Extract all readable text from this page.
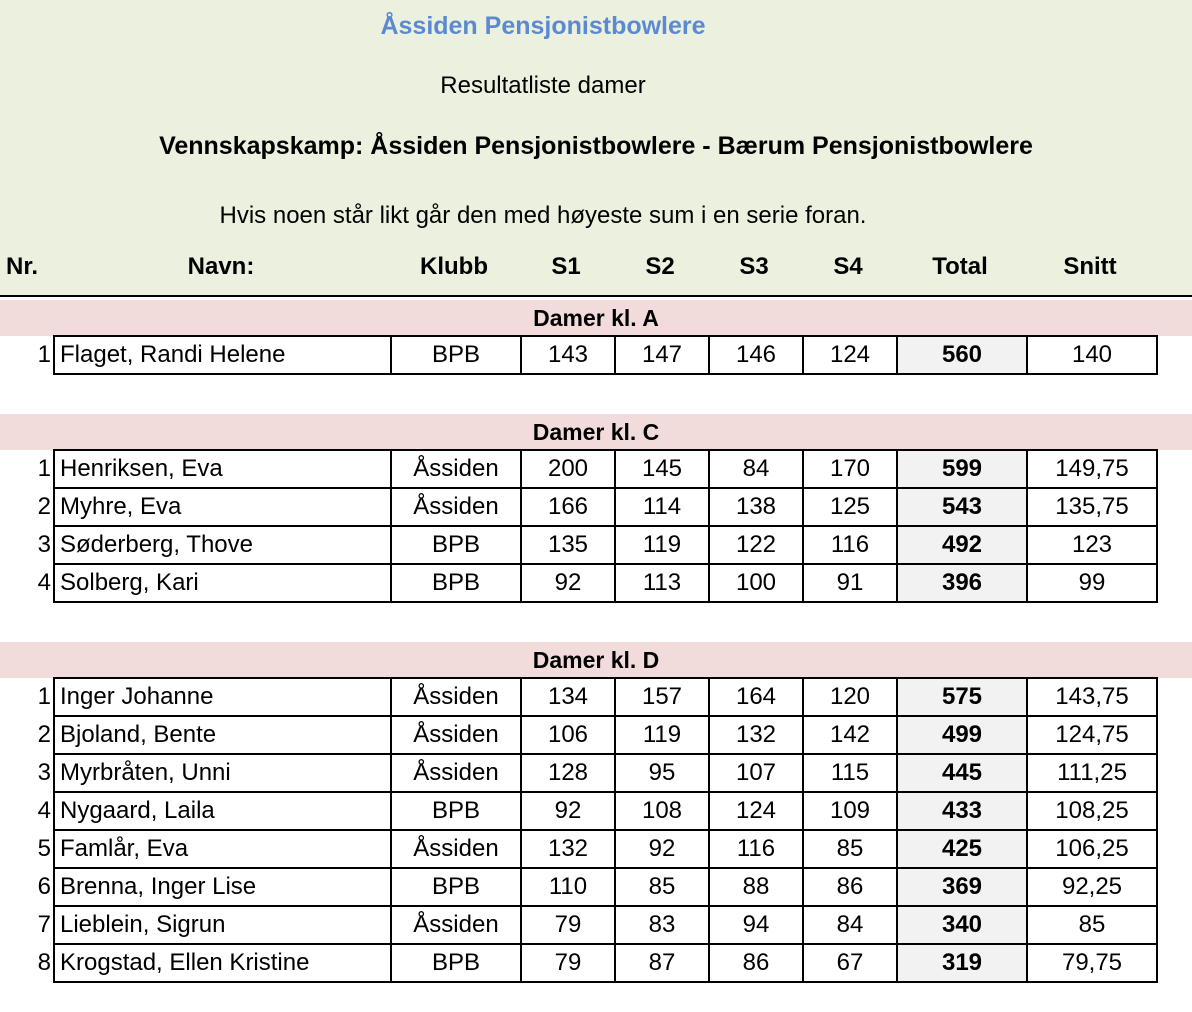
Åssiden Pensjonistbowlere
Resultatliste damer
Vennskapskamp: Åssiden Pensjonistbowlere - Bærum Pensjonistbowlere
Hvis noen står likt går den med høyeste sum i en serie foran.
Nr.	Navn:	Klubb	S1	S2	S3	S4	Total	Snitt
Damer kl. A
1	Flaget, Randi Helene	BPB	143	147	146	124	560	140
Damer kl. C
1	Henriksen, Eva	Åssiden	200	145	84	170	599	149,75
2	Myhre, Eva	Åssiden	166	114	138	125	543	135,75
3	Søderberg, Thove	BPB	135	119	122	116	492	123
4	Solberg, Kari	BPB	92	113	100	91	396	99
Damer kl. D
1	Inger Johanne	Åssiden	134	157	164	120	575	143,75
2	Bjoland, Bente	Åssiden	106	119	132	142	499	124,75
3	Myrbråten, Unni	Åssiden	128	95	107	115	445	111,25
4	Nygaard, Laila	BPB	92	108	124	109	433	108,25
5	Famlår, Eva	Åssiden	132	92	116	85	425	106,25
6	Brenna, Inger Lise	BPB	110	85	88	86	369	92,25
7	Lieblein, Sigrun	Åssiden	79	83	94	84	340	85
8	Krogstad, Ellen Kristine	BPB	79	87	86	67	319	79,75
